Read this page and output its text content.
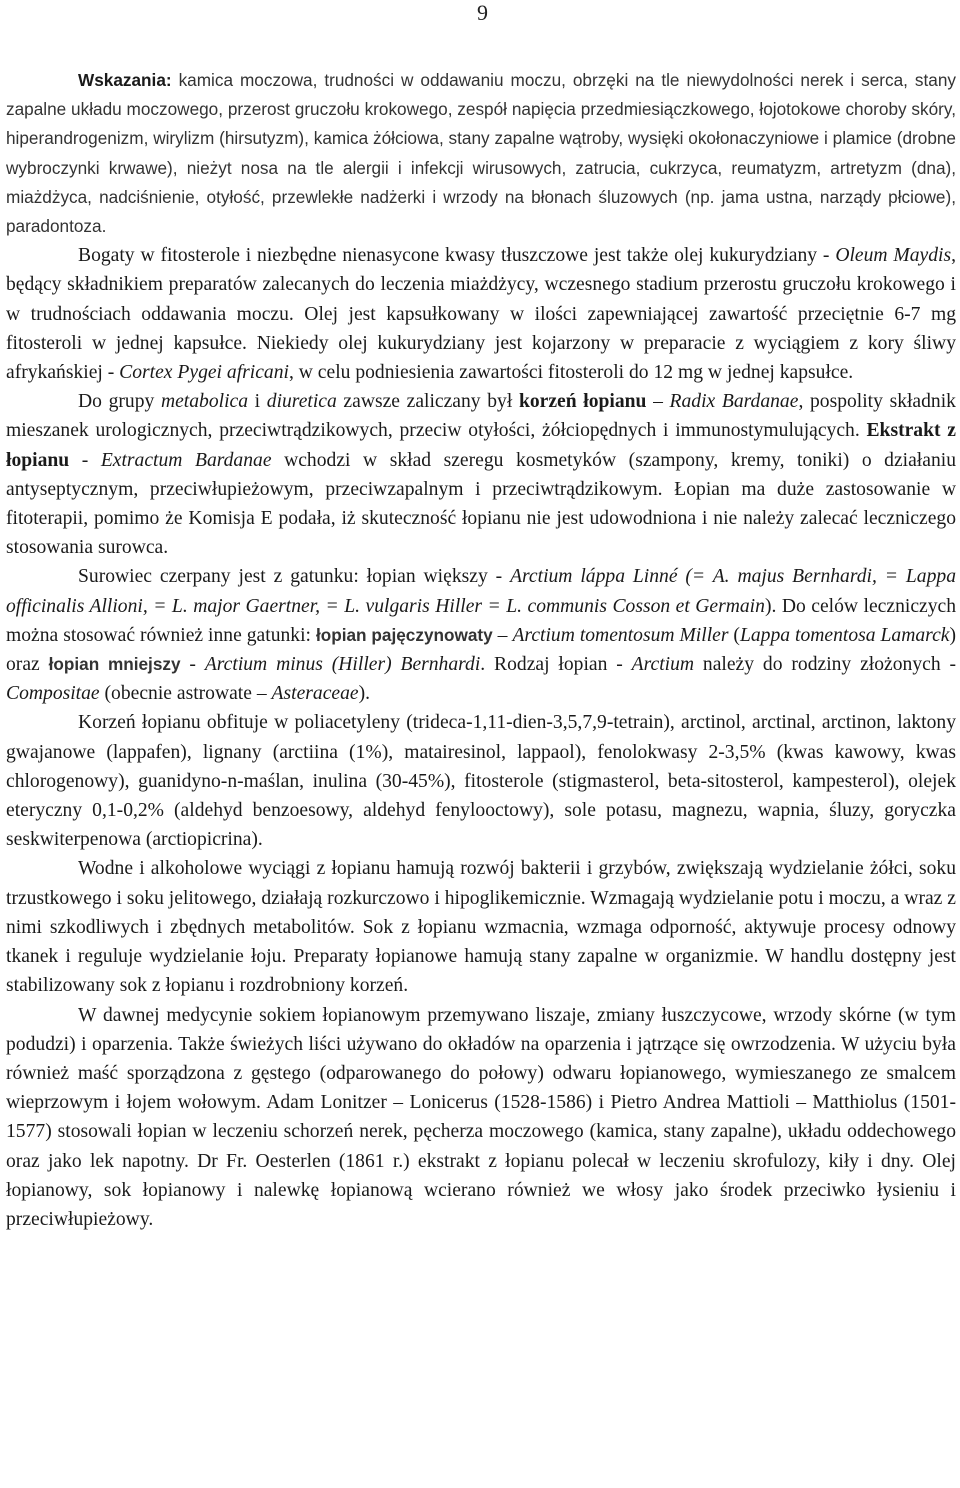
9

Wskazania: kamica moczowa, trudności w oddawaniu moczu, obrzęki na tle niewydolności nerek i serca, stany zapalne układu moczowego, przerost gruczołu krokowego, zespół napięcia przedmiesiączkowego, łojotokowe choroby skóry, hiperandrogenizm, wirylizm (hirsutyzm), kamica żółciowa, stany zapalne wątroby, wysięki okołonaczyniowe i plamice (drobne wybroczynki krwawe), nieżyt nosa na tle alergii i infekcji wirusowych, zatrucia, cukrzyca, reumatyzm, artretyzm (dna), miażdżyca, nadciśnienie, otyłość, przewlekłe nadżerki i wrzody na błonach śluzowych (np. jama ustna, narządy płciowe), paradontoza.

Bogaty w fitosterole i niezbędne nienasycone kwasy tłuszczowe jest także olej kukurydziany - Oleum Maydis, będący składnikiem preparatów zalecanych do leczenia miażdżycy, wczesnego stadium przerostu gruczołu krokowego i w trudnościach oddawania moczu. Olej jest kapsułkowany w ilości zapewniającej zawartość przeciętnie 6-7 mg fitosteroli w jednej kapsułce. Niekiedy olej kukurydziany jest kojarzony w preparacie z wyciągiem z kory śliwy afrykańskiej - Cortex Pygei africani, w celu podniesienia zawartości fitosteroli do 12 mg w jednej kapsułce.

Do grupy metabolica i diuretica zawsze zaliczany był korzeń łopianu – Radix Bardanae, pospolity składnik mieszanek urologicznych, przeciwtrądzikowych, przeciw otyłości, żółciopędnych i immunostymulujących. Ekstrakt z łopianu - Extractum Bardanae wchodzi w skład szeregu kosmetyków (szampony, kremy, toniki) o działaniu antyseptycznym, przeciwłupieżowym, przeciwzapalnym i przeciwtrądzikowym. Łopian ma duże zastosowanie w fitoterapii, pomimo że Komisja E podała, iż skuteczność łopianu nie jest udowodniona i nie należy zalecać leczniczego stosowania surowca.

Surowiec czerpany jest z gatunku: łopian większy - Arctium láppa Linné (= A. majus Bernhardi, = Lappa officinalis Allioni, = L. major Gaertner, = L. vulgaris Hiller = L. communis Cosson et Germain). Do celów leczniczych można stosować również inne gatunki: łopian pajęczynowaty – Arctium tomentosum Miller (Lappa tomentosa Lamarck) oraz łopian mniejszy - Arctium minus (Hiller) Bernhardi. Rodzaj łopian - Arctium należy do rodziny złożonych - Compositae (obecnie astrowate – Asteraceae).

Korzeń łopianu obfituje w poliacetyleny (trideca-1,11-dien-3,5,7,9-tetrain), arctinol, arctinal, arctinon, laktony gwajanowe (lappafen), lignany (arctiina (1%), matairesinol, lappaol), fenolokwasy 2-3,5% (kwas kawowy, kwas chlorogenowy), guanidyno-n-maślan, inulina (30-45%), fitosterole (stigmasterol, beta-sitosterol, kampesterol), olejek eteryczny 0,1-0,2% (aldehyd benzoesowy, aldehyd fenylooctowy), sole potasu, magnezu, wapnia, śluzy, goryczka seskwiterpenowa (arctiopicrina).

Wodne i alkoholowe wyciągi z łopianu hamują rozwój bakterii i grzybów, zwiększają wydzielanie żółci, soku trzustkowego i soku jelitowego, działają rozkurczowo i hipoglikemicznie. Wzmagają wydzielanie potu i moczu, a wraz z nimi szkodliwych i zbędnych metabolitów. Sok z łopianu wzmacnia, wzmaga odporność, aktywuje procesy odnowy tkanek i reguluje wydzielanie łoju. Preparaty łopianowe hamują stany zapalne w organizmie. W handlu dostępny jest stabilizowany sok z łopianu i rozdrobniony korzeń.

W dawnej medycynie sokiem łopianowym przemywano liszaje, zmiany łuszczycowe, wrzody skórne (w tym podudzi) i oparzenia. Także świeżych liści używano do okładów na oparzenia i jątrzące się owrzodzenia. W użyciu była również maść sporządzona z gęstego (odparowanego do połowy) odwaru łopianowego, wymieszanego ze smalcem wieprzowym i łojem wołowym. Adam Lonitzer – Lonicerus (1528-1586) i Pietro Andrea Mattioli – Matthiolus (1501-1577) stosowali łopian w leczeniu schorzeń nerek, pęcherza moczowego (kamica, stany zapalne), układu oddechowego oraz jako lek napotny. Dr Fr. Oesterlen (1861 r.) ekstrakt z łopianu polecał w leczeniu skrofulozy, kiły i dny. Olej łopianowy, sok łopianowy i nalewkę łopianową wcierano również we włosy jako środek przeciwko łysieniu i przeciwłupieżowy.
